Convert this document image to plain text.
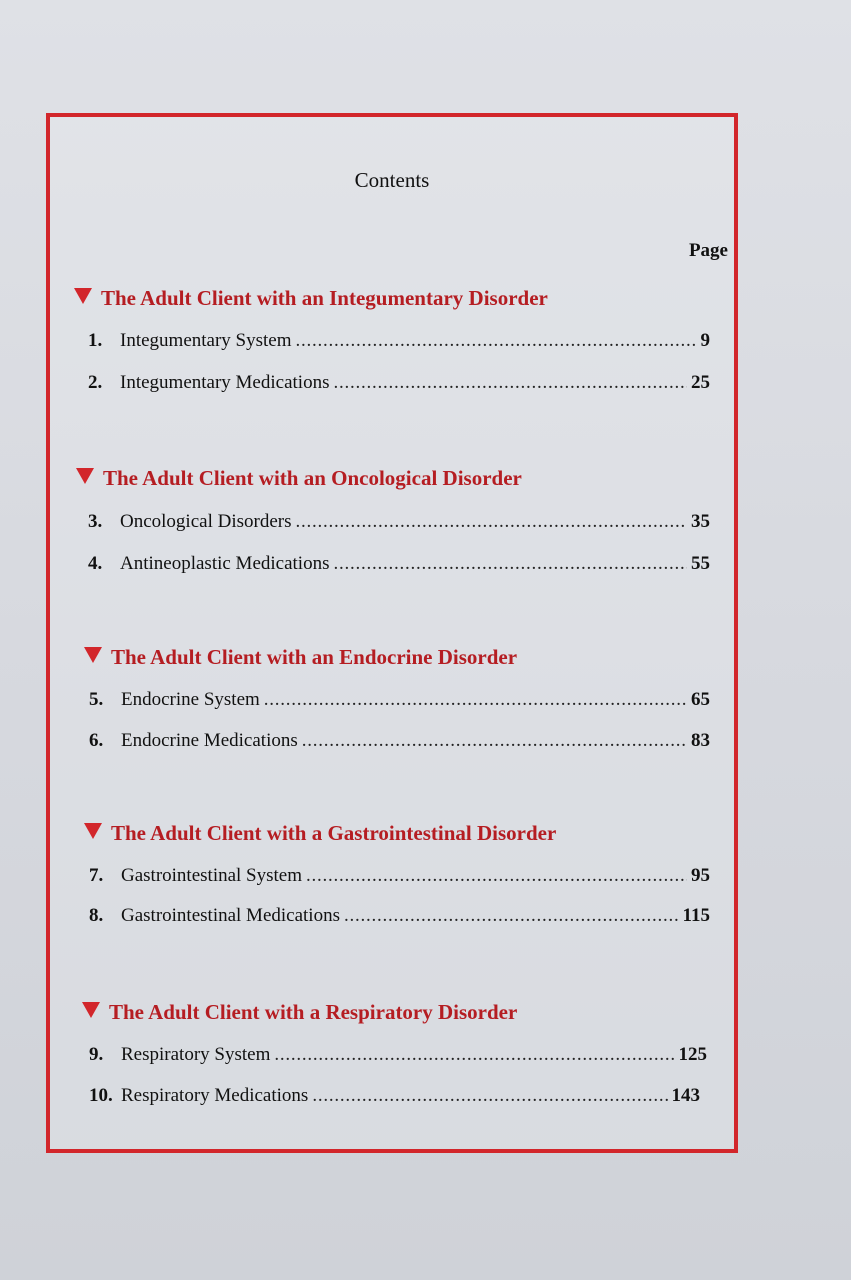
Contents
Page
The Adult Client with an Integumentary Disorder
1. Integumentary System . . .	9
2. Integumentary Medications . . .	25
The Adult Client with an Oncological Disorder
3. Oncological Disorders . . .	35
4. Antineoplastic Medications . . .	55
The Adult Client with an Endocrine Disorder
5. Endocrine System . . .	65
6. Endocrine Medications . . .	83
The Adult Client with a Gastrointestinal Disorder
7. Gastrointestinal System . . .	95
8. Gastrointestinal Medications . . .	115
The Adult Client with a Respiratory Disorder
9. Respiratory System . . .	125
10. Respiratory Medications . . .	143
